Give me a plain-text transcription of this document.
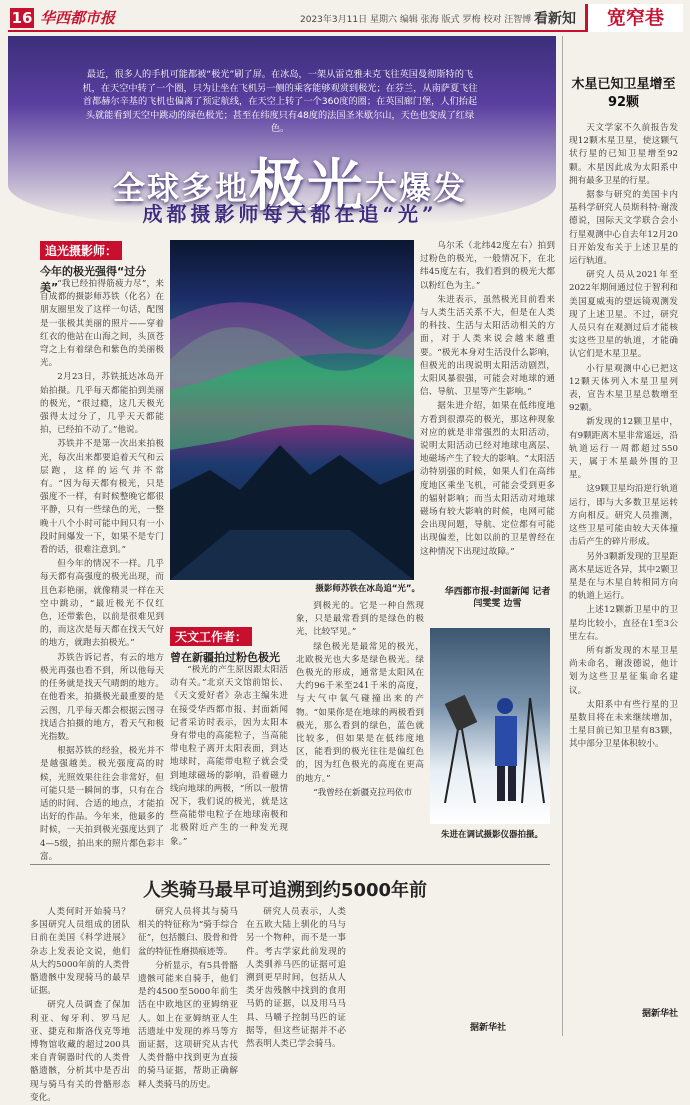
16 华西都市报	2023年3月11日 星期六 编辑 张海 版式 罗梅 校对 汪智博 看新知	宽窄巷
最近，很多人的手机可能都被“极光”刷了屏。在冰岛，一架从雷克雅未克飞往英国曼彻斯特的飞机，在天空中转了一个圈，只为让坐在飞机另一侧的乘客能够观赏到极光；在芬兰，从南萨夏飞往首都赫尔辛基的飞机也偏离了预定航线，在天空上转了一个360度的圈；在英国廊门堡，人们抬起头就能看到天空中跳动的绿色极光；甚至在纬度只有48度的法国圣米歇尔山，天色也变成了红绿色。
全球多地极光大爆发
成都摄影师每天都在追“光”
追光摄影师：
今年的极光强得“过分美”

“我已经拍得筋疲力尽”，来自成都的摄影师苏铁（化名）在朋友圈里发了这样一句话，配图是一张极其美丽的照片——穿着红衣的他站在山海之间，头顶苍穹之上有着绿色和紫色的美丽极光。

2月23日，苏铁抵达冰岛开始拍摄。几乎每天都能拍到美丽的极光，“很过瘾，这几天极光强得太过分了，几乎天天都能拍，已经拍不动了。”他说。

苏铁并不是第一次出来拍极光，每次出来都要追着天气和云层跑，这样的运气并不常有。“因为每天都有极光，只是强度不一样，有时候整晚它都很平静，只有一些绿色的光，一整晚十八个小时可能中间只有一小段时间爆发一下，如果不是专门看的话，很难注意到。”

但今年的情况不一样。几乎每天都有高强度的极光出现，而且色彩艳丽，就像精灵一样在天空中跳动，“最近极光不仅红色，还带紫色，以前是很难见到的，而这次是每天都在找天气好的地方，就跑去拍极光。”

苏铁告诉记者，有云的地方极光再强也看不到，所以他每天的任务就是找天气晴朗的地方。在他看来，拍摄极光最重要的是云图，几乎每天都会根据云图寻找适合拍摄的地方，看天气和极光指数。

根据苏铁的经验，极光并不是越强越美。极光强度高的时候，光照效果往往会非常好，但可能只是一瞬间的事，只有在合适的时间、合适的地点，才能拍出好的作品。今年来，他最多的时候，一天拍到极光强度达到了4—5级，拍出来的照片都色彩丰富。

摄影师苏铁在冰岛追“光”。

乌尔禾（北纬42度左右）拍到过粉色的极光，一般情况下，在北纬45度左右，我们看到的极光大都以粉红色为主。”

朱进表示，虽然极光目前看来与人类生活关系不大，但是在人类的科技、生活与太阳活动相关的方面，对于人类来说会越来越重要。“极光本身对生活没什么影响，但极光的出现说明太阳活动剧烈，太阳风暴很强，可能会对地球的通信、导航、卫星等产生影响。”

据朱进介绍，如果在低纬度地方看到很漂亮的极光，那这种现象对应的就是非常强烈的太阳活动，说明太阳活动已经对地球电离层、地磁场产生了较大的影响。“太阳活动特别强的时候，如果人们在高纬度地区乘坐飞机，可能会受到更多的辐射影响；而当太阳活动对地球磁场有较大影响的时候，电网可能会出现问题，导航、定位都有可能出现偏差，比如以前的卫星曾经在这种情况下出现过故障。”

华西都市报-封面新闻 记者 闫雯雯 边雪
天文工作者：
曾在新疆拍过粉色极光

“极光的产生原因跟太阳活动有关。”北京天文馆前馆长、《天文爱好者》杂志主编朱进在接受华西都市报、封面新闻记者采访时表示，因为太阳本身有带电的高能粒子，当高能带电粒子离开太阳表面，到达地球时，高能带电粒子就会受到地球磁场的影响，沿着磁力线向地球的两极，“所以一般情况下，我们说的极光，就是这些高能带电粒子在地球南极和北极附近产生的一种发光现象。”

到极光的。它是一种自然现象，只是最常看到的是绿色的极光，比较罕见。”

绿色极光是最常见的极光，北欧极光也大多是绿色极光。绿色极光的形成，通常是太阳风在大约96千米至241千米的高度，与大气中氧气碰撞出来的产物。“如果你是在地球的两极看到极光，那么看到的绿色，蓝色就比较多，但如果是在低纬度地区，能看到的极光往往是偏红色的，因为红色极光的高度在更高的地方。”

“我曾经在新疆克拉玛依市

朱进在调试摄影仪器拍摄。
人类骑马最早可追溯到约5000年前

人类何时开始骑马？多国研究人员组成的团队日前在美国《科学进展》杂志上发表论文说，他们从大约5000年前的人类骨骼遗骸中发现骑马的最早证据。

研究人员调查了保加利亚、匈牙利、罗马尼亚、捷克和斯洛伐克等地博物馆收藏的超过200具来自青铜器时代的人类骨骼遗骸，分析其中是否出现与骑马有关的骨骼形态变化。

研究人员将其与骑马相关的特征称为“骑手综合征”，包括髋臼、股骨和骨盆的特征性磨损痕迹等。

分析显示，有5具骨骼遗骸可能来自骑手，他们是约4500至5000年前生活在中欧地区的亚姆纳亚人。如上在亚姆纳亚人生活遗址中发现的养马等方面证据，这项研究从古代人类骨骼中找到更为直接的骑马证据，帮助正确解释人类骑马的历史。

研究人员表示，人类在五欧大陆上驯化的马与另一个物种，而不是一事件。考古学家此前发现的人类驯养马匹的证据可追溯到更早时间，包括从人类牙齿残骸中找到的食用马奶的证据，以及用马马具、马嚼子控制马匹的证据等，但这些证据并不必然表明人类已学会骑马。

据新华社
木星已知卫星增至92颗

天文学家不久前报告发现12颗木星卫星，使这颗气状行星的已知卫星增至92颗。木星因此成为太阳系中拥有最多卫星的行星。

据参与研究的美国卡内基科学研究人员斯科特·谢泼德说，国际天文学联合会小行星观测中心自去年12月20日开始发布关于上述卫星的运行轨道。

研究人员从2021年至2022年期间通过位于智利和美国夏威夷的望远镜观测发现了上述卫星。不过，研究人员只有在观测过后才能核实这些卫星的轨道，才能确认它们是木星卫星。

小行星观测中心已把这12颗天体列入木星卫星列表，宣告木星卫星总数增至92颗。

新发现的12颗卫星中，有9颗距离木星非常遥远，沿轨道运行一周都超过550天，属于木星最外围的卫星。

这9颗卫星均沿逆行轨道运行，即与大多数卫星运转方向相反。研究人员推测，这些卫星可能由较大天体撞击后产生的碎片形成。

另外3颗新发现的卫星距离木星远近各异，其中2颗卫星是在与木星自转相同方向的轨道上运行。

上述12颗新卫星中的卫星均比较小，直径在1至3公里左右。

所有新发现的木星卫星尚未命名，谢泼德说，他计划为这些卫星征集命名建议。

太阳系中有些行星的卫星数目将在未来继续增加，土星目前已知卫星有83颗，其中部分卫星体积较小。

据新华社
